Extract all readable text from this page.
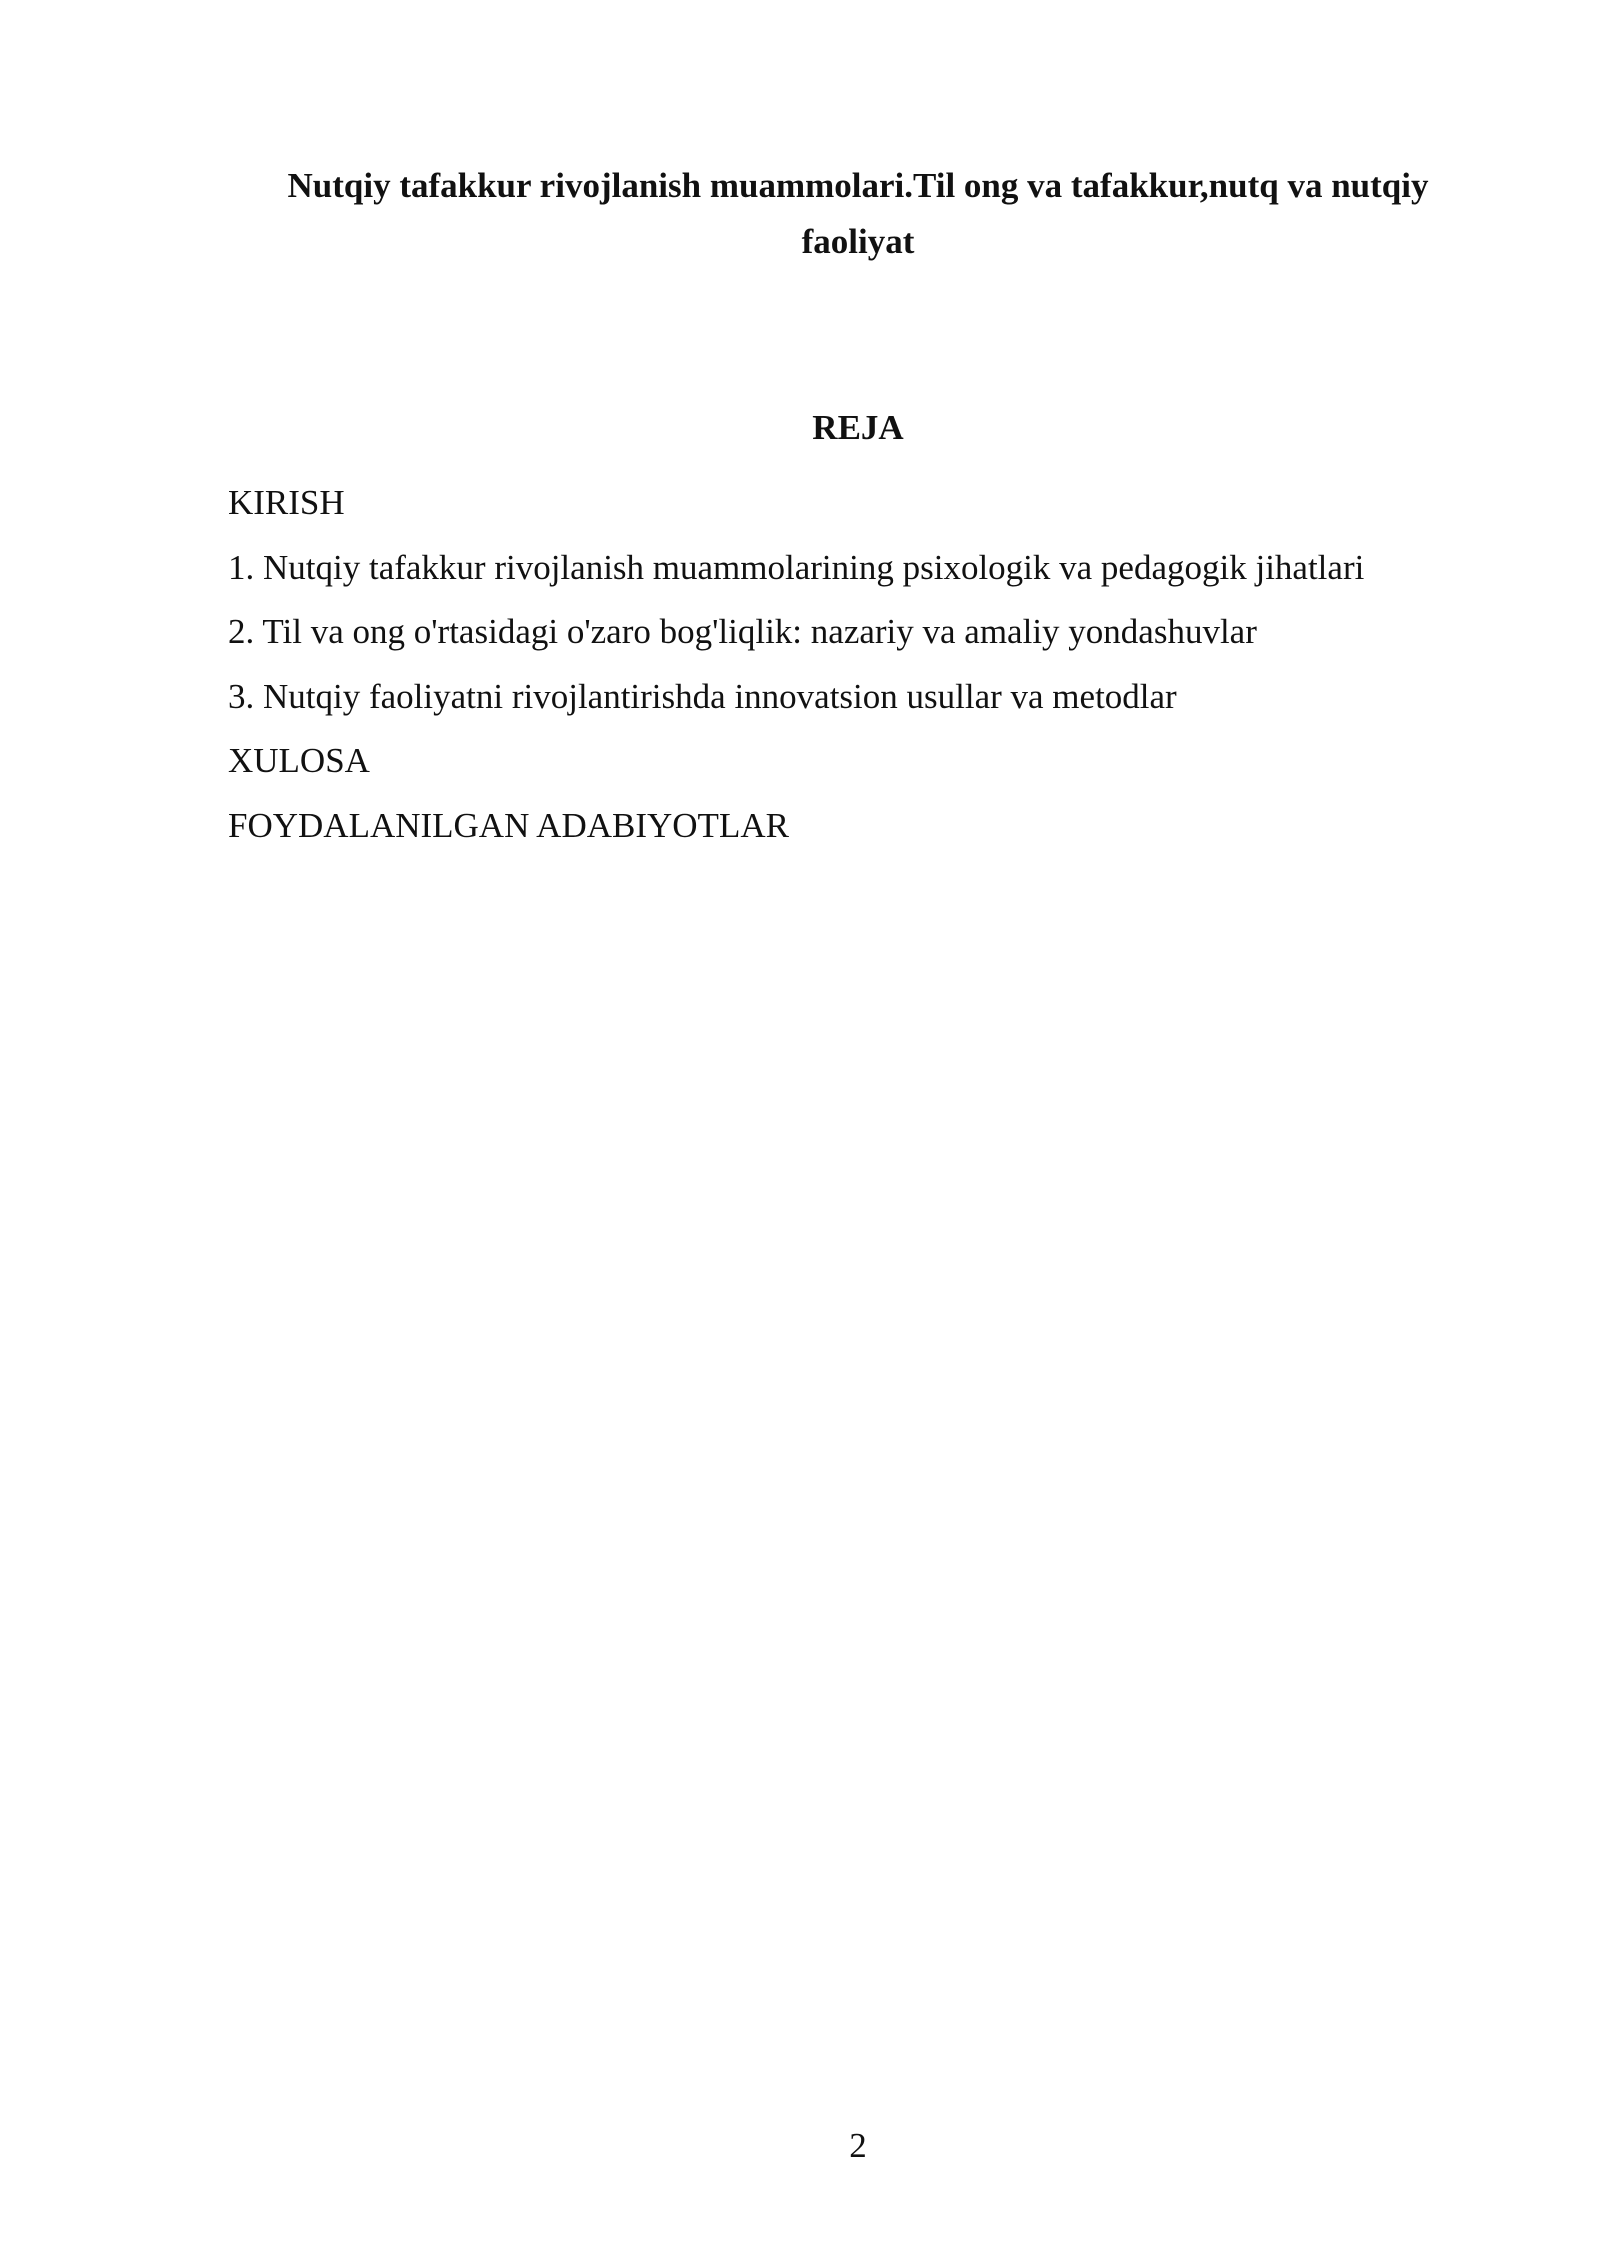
Nutqiy tafakkur rivojlanish muammolari.Til ong va tafakkur,nutq va nutqiy faoliyat
REJA
KIRISH
1. Nutqiy tafakkur rivojlanish muammolarining psixologik va pedagogik jihatlari
2. Til va ong o'rtasidagi o'zaro bog'liqlik: nazariy va amaliy yondashuvlar
3. Nutqiy faoliyatni rivojlantirishda innovatsion usullar va metodlar
XULOSA
FOYDALANILGAN ADABIYOTLAR
2
